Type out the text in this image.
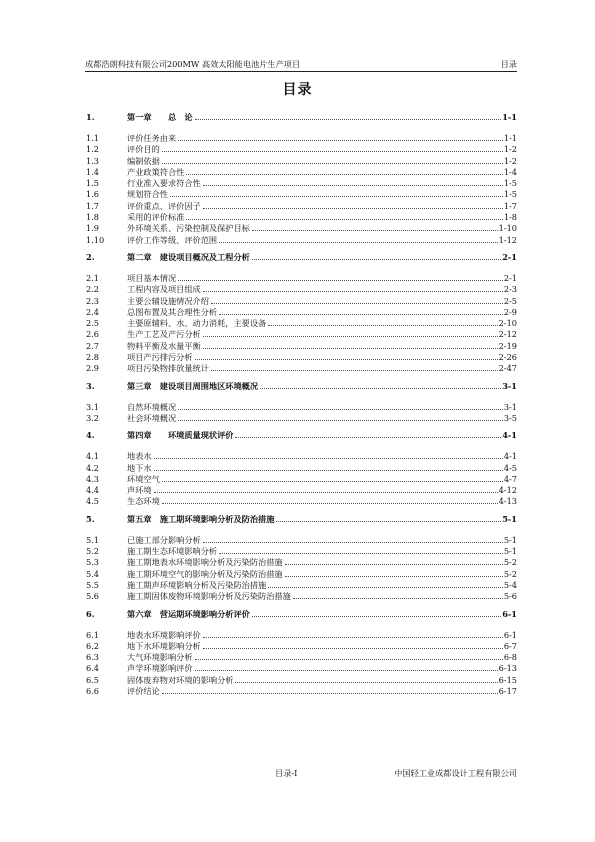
成都浩朗科技有限公司200MW 高效太阳能电池片生产项目	目录
目录
1.	第一章　　总　论	1-1
1.1	评价任务由来	1-1
1.2	评价目的	1-2
1.3	编制依据	1-2
1.4	产业政策符合性	1-4
1.5	行业准入要求符合性	1-5
1.6	规划符合性	1-5
1.7	评价重点、评价因子	1-7
1.8	采用的评价标准	1-8
1.9	外环境关系、污染控制及保护目标	1-10
1.10	评价工作等级、评价范围	1-12
2.	第二章　建设项目概况及工程分析	2-1
2.1	项目基本情况	2-1
2.2	工程内容及项目组成	2-3
2.3	主要公辅设施情况介绍	2-5
2.4	总图布置及其合理性分析	2-9
2.5	主要原辅料、水、动力消耗，主要设备	2-10
2.6	生产工艺及产污分析	2-12
2.7	物料平衡及水量平衡	2-19
2.8	项目产污排污分析	2-26
2.9	项目污染物排放量统计	2-47
3.	第三章　建设项目周围地区环境概况	3-1
3.1	自然环境概况	3-1
3.2	社会环境概况	3-5
4.	第四章　　环境质量现状评价	4-1
4.1	地表水	4-1
4.2	地下水	4-5
4.3	环境空气	4-7
4.4	声环境	4-12
4.5	生态环境	4-13
5.	第五章　施工期环境影响分析及防治措施	5-1
5.1	已施工部分影响分析	5-1
5.2	施工期生态环境影响分析	5-1
5.3	施工期地表水环境影响分析及污染防治措施	5-2
5.4	施工期环境空气的影响分析及污染防治措施	5-2
5.5	施工期声环境影响分析及污染防治措施	5-4
5.6	施工期固体废物环境影响分析及污染防治措施	5-6
6.	第六章　营运期环境影响分析评价	6-1
6.1	地表水环境影响评价	6-1
6.2	地下水环境影响分析	6-7
6.3	大气环境影响分析	6-8
6.4	声学环境影响评价	6-13
6.5	固体废弃物对环境的影响分析	6-15
6.6	评价结论	6-17
目录-I	中国轻工业成都设计工程有限公司
